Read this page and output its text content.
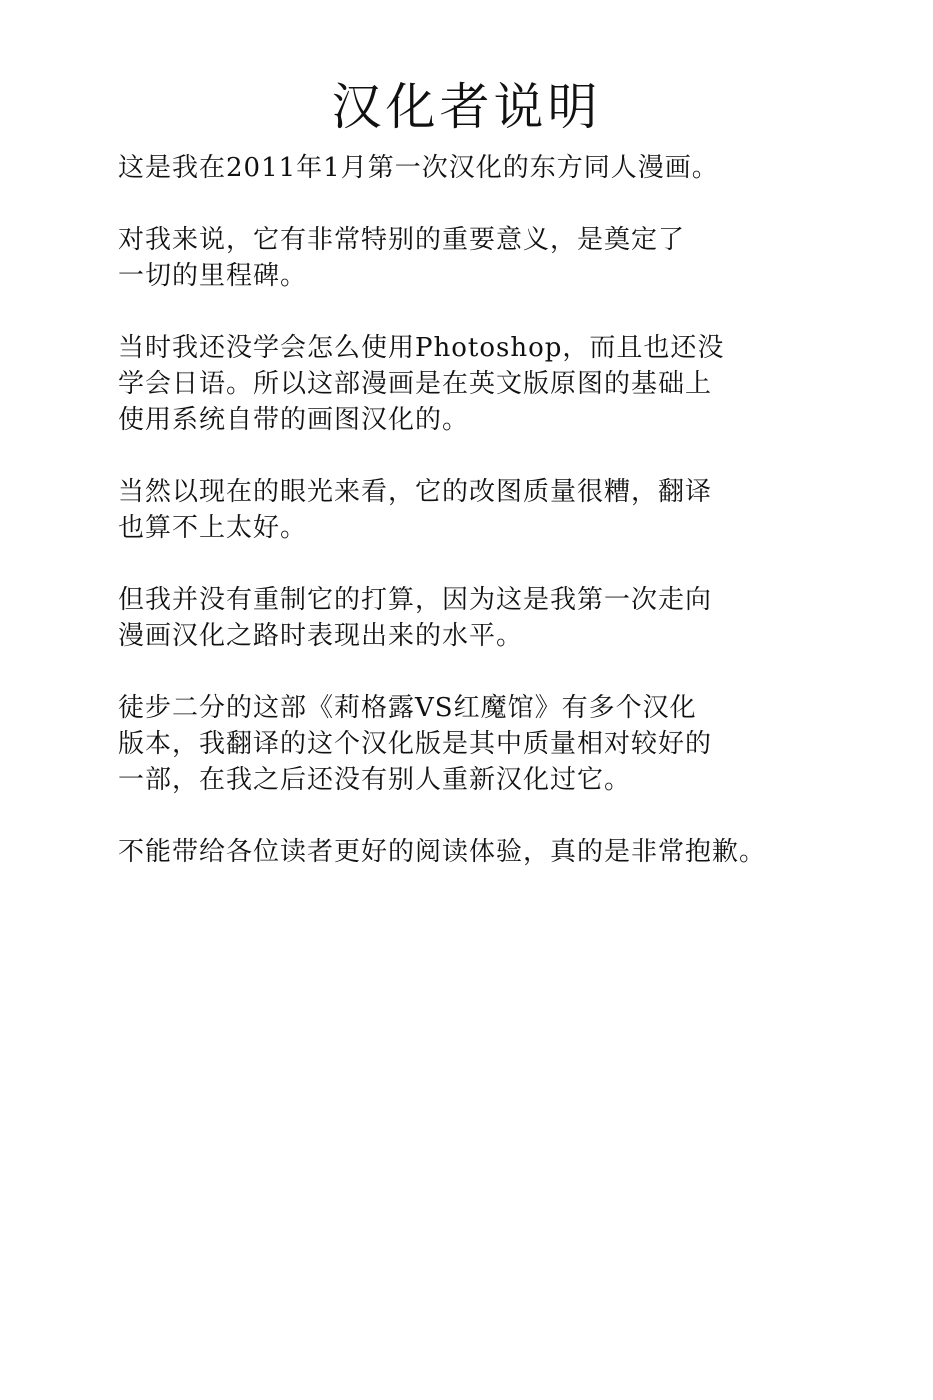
汉化者说明

这是我在2011年1月第一次汉化的东方同人漫画。

对我来说，它有非常特别的重要意义，是奠定了
一切的里程碑。

当时我还没学会怎么使用Photoshop，而且也还没
学会日语。所以这部漫画是在英文版原图的基础上
使用系统自带的画图汉化的。

当然以现在的眼光来看，它的改图质量很糟，翻译
也算不上太好。

但我并没有重制它的打算，因为这是我第一次走向
漫画汉化之路时表现出来的水平。

徒步二分的这部《莉格露VS红魔馆》有多个汉化
版本，我翻译的这个汉化版是其中质量相对较好的
一部，在我之后还没有别人重新汉化过它。

不能带给各位读者更好的阅读体验，真的是非常抱歉。
